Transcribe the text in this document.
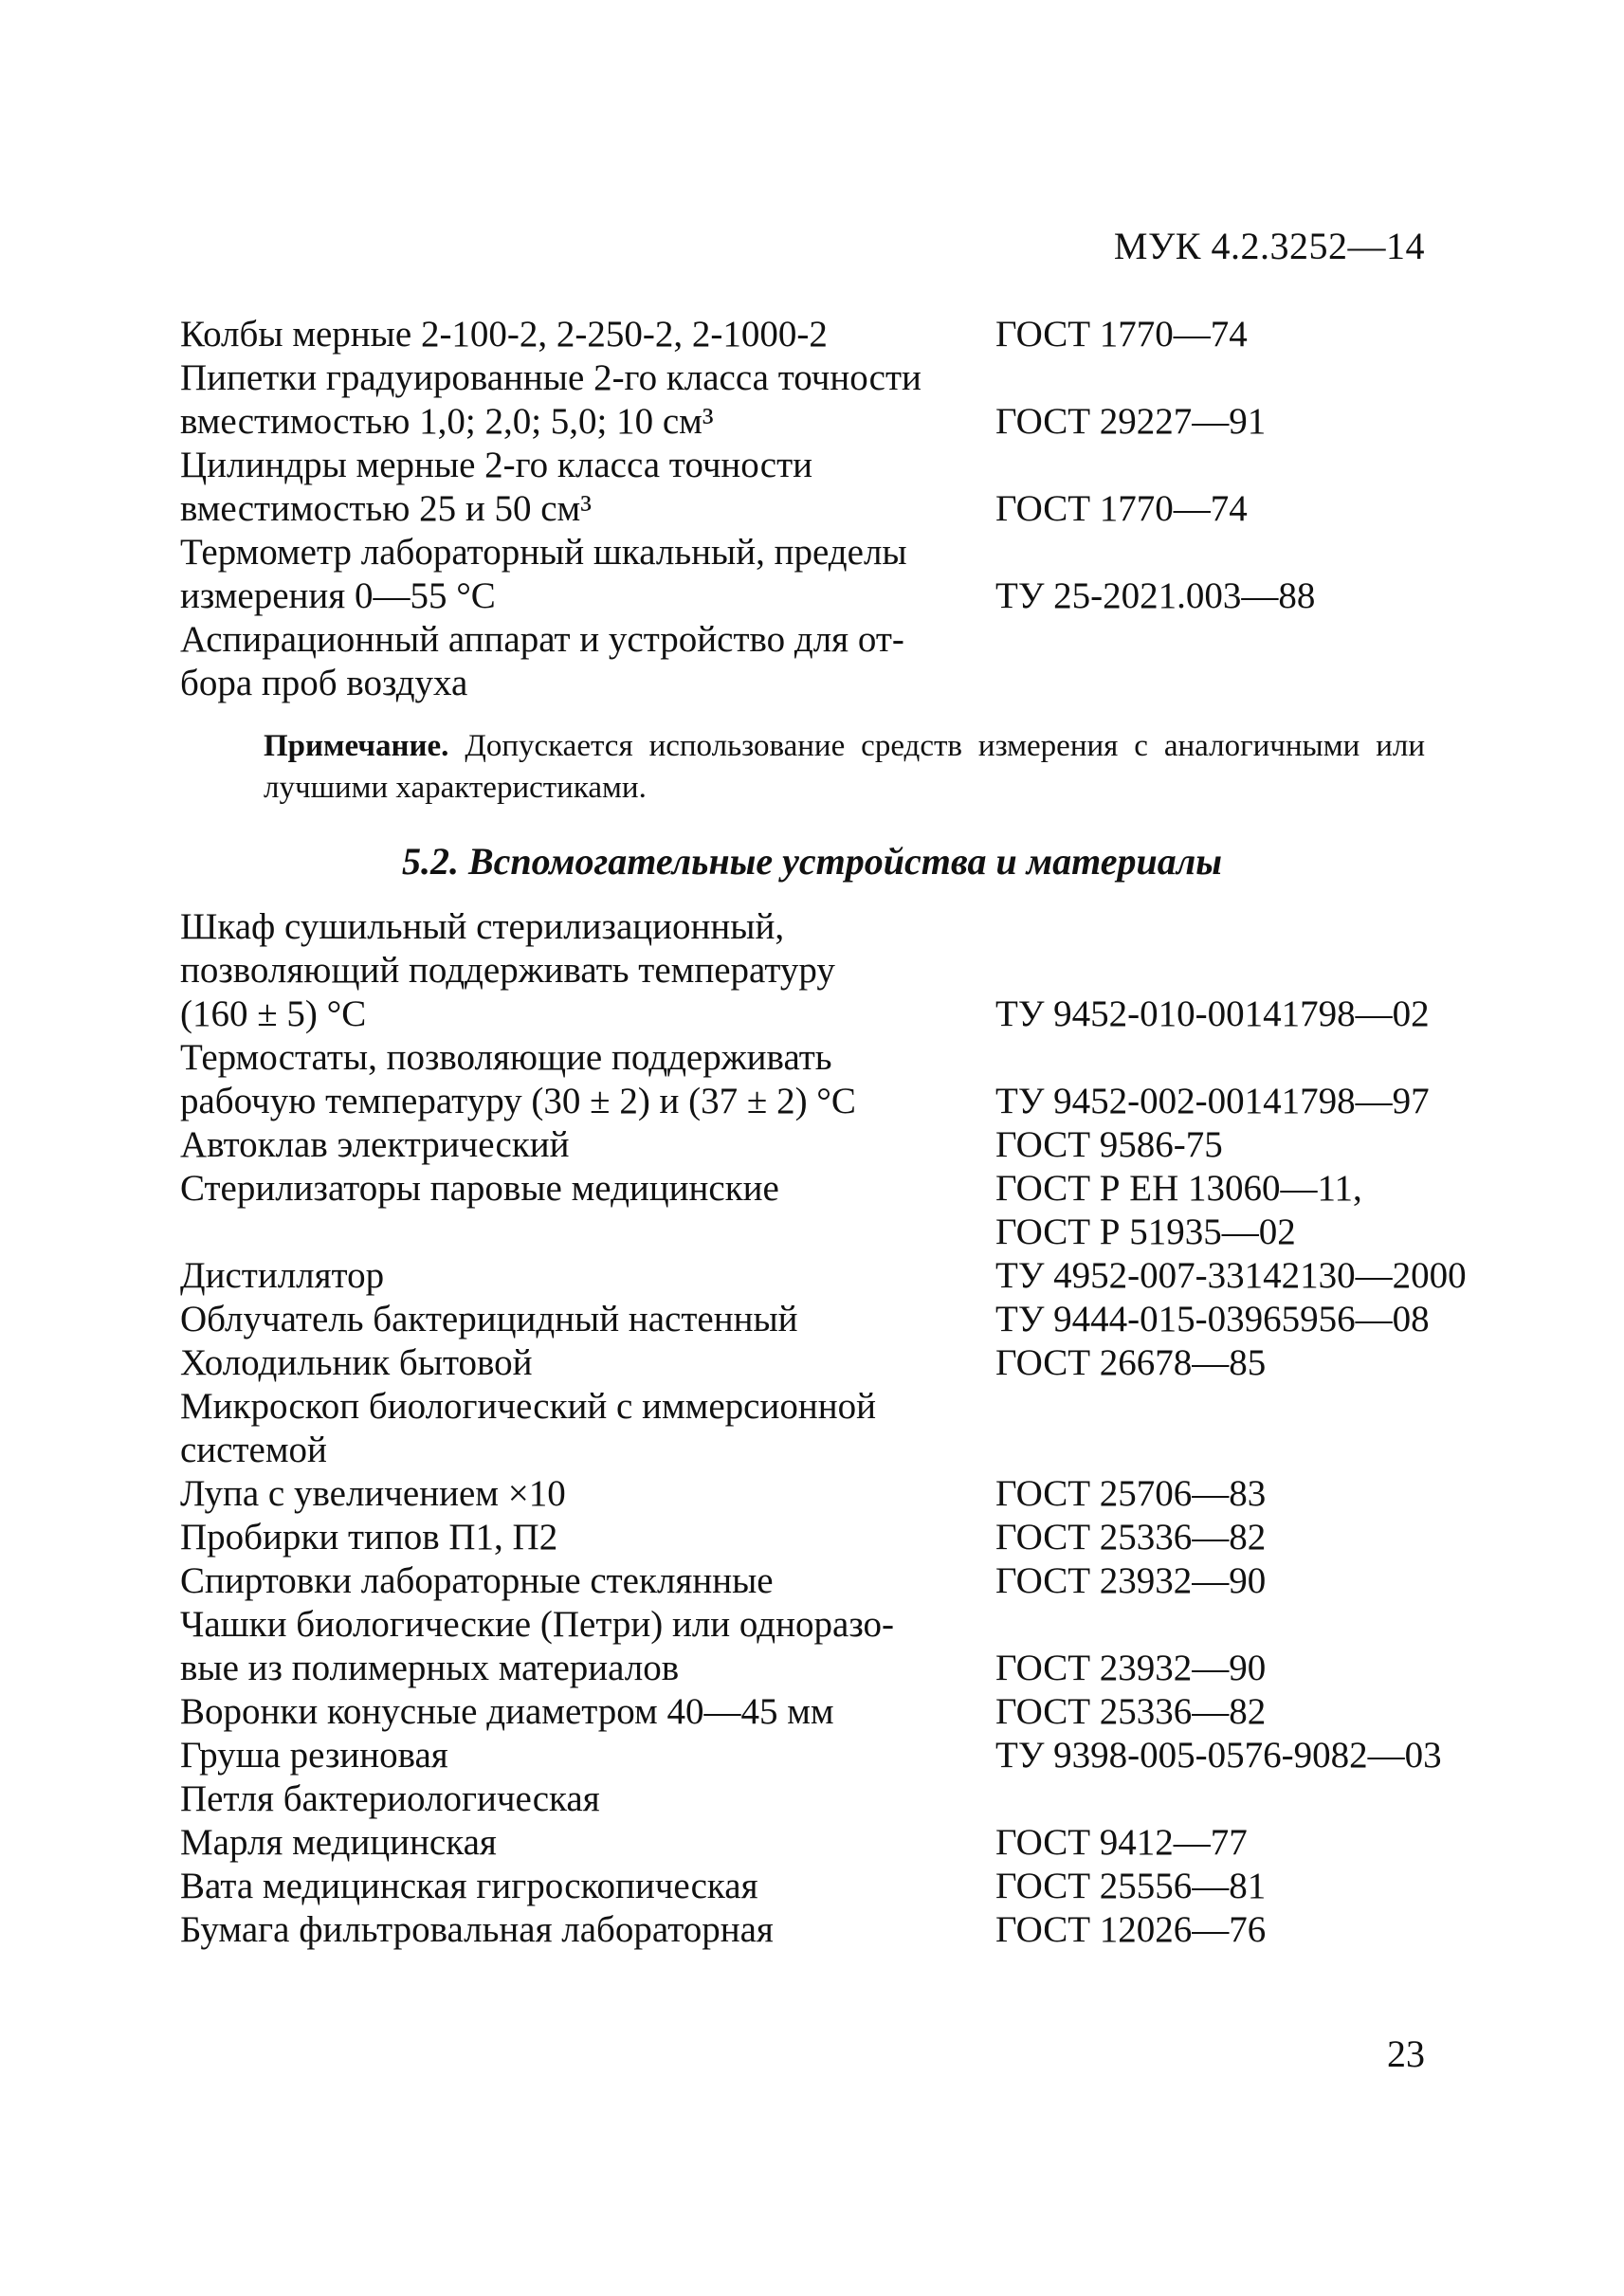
МУК 4.2.3252—14
Колбы мерные 2-100-2, 2-250-2, 2-1000-2	ГОСТ 1770—74
Пипетки градуированные 2-го класса точности
вместимостью 1,0; 2,0; 5,0; 10 см³	ГОСТ 29227—91
Цилиндры мерные 2-го класса точности
вместимостью 25 и 50 см³	ГОСТ 1770—74
Термометр лабораторный шкальный, пределы
измерения 0—55 °С	ТУ 25-2021.003—88
Аспирационный аппарат и устройство для от-
бора проб воздуха
Примечание. Допускается использование средств измерения с аналогичными или лучшими характеристиками.
5.2. Вспомогательные устройства и материалы
Шкаф сушильный стерилизационный,
позволяющий поддерживать температуру
(160 ± 5) °С	ТУ 9452-010-00141798—02
Термостаты, позволяющие поддерживать
рабочую температуру (30 ± 2) и (37 ± 2) °С	ТУ 9452-002-00141798—97
Автоклав электрический	ГОСТ 9586-75
Стерилизаторы паровые медицинские	ГОСТ Р ЕН 13060—11,
ГОСТ Р 51935—02
Дистиллятор	ТУ 4952-007-33142130—2000
Облучатель бактерицидный настенный	ТУ 9444-015-03965956—08
Холодильник бытовой	ГОСТ 26678—85
Микроскоп биологический с иммерсионной
системой
Лупа с увеличением ×10	ГОСТ 25706—83
Пробирки типов П1, П2	ГОСТ 25336—82
Спиртовки лабораторные стеклянные	ГОСТ 23932—90
Чашки биологические (Петри) или одноразо-
вые из полимерных материалов	ГОСТ 23932—90
Воронки конусные диаметром 40—45 мм	ГОСТ 25336—82
Груша резиновая	ТУ 9398-005-0576-9082—03
Петля бактериологическая
Марля медицинская	ГОСТ 9412—77
Вата медицинская гигроскопическая	ГОСТ 25556—81
Бумага фильтровальная лабораторная	ГОСТ 12026—76
23
